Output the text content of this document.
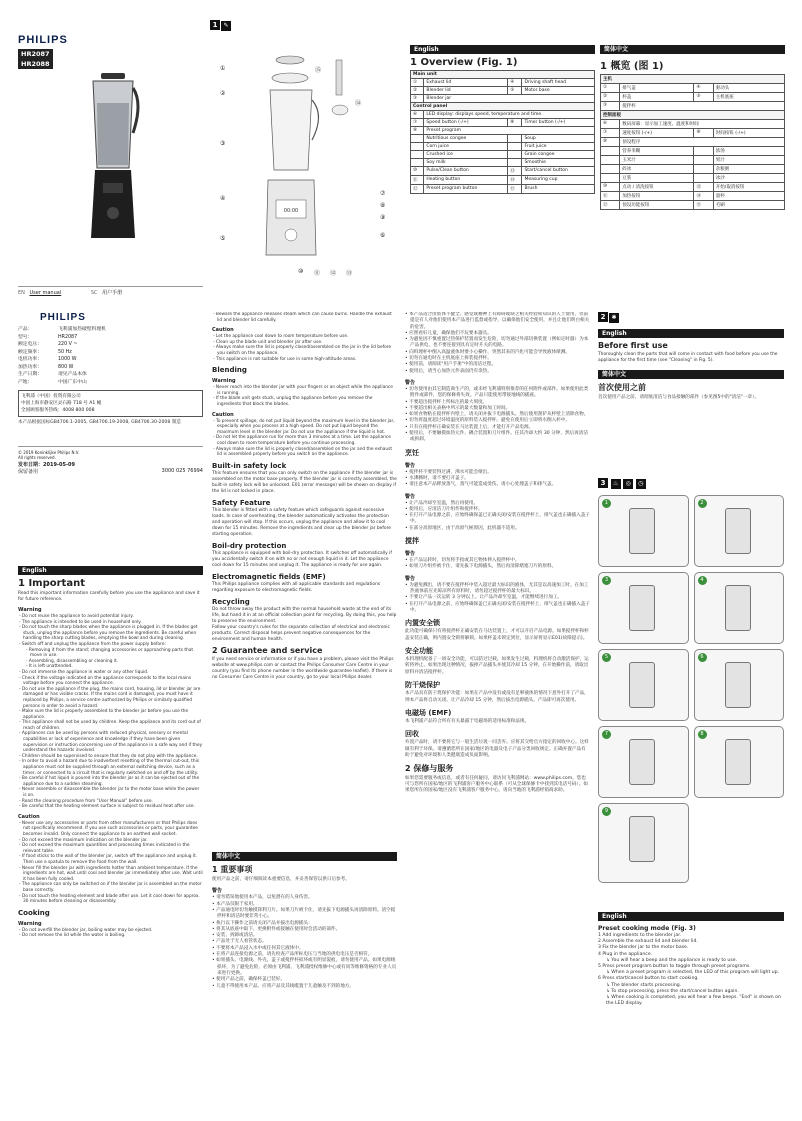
PHILIPS
HR2087
HR2088
EN User manual	SC 用户手册
1 ✎
00:00
①
②
③
④
⑤
⑦
⑧
⑨
⑥
⑩ ⑪ ⑫ ⑬
⑭
⑮
English
1 Overview (Fig. 1)
Main unit			
①	Exhaust lid	④	Driving shaft head
②	Blender lid	⑤	Motor base
③	Blender jar		
Control panel			
⑥	LED display: displays speed, temperature and time.		
⑦	Speed button (-/+)	⑧	Timer button (-/+)
⑨	Preset program		
	Nutritious congee		Soup
	Corn juice		Fruit juice
	Crushed ice		Grain congee
	Soy milk		Smoothie
⑩	Pulse/Clean button	⑬	Start/cancel button
⑪	Heating button	⑭	Measuring cup
⑫	Preset program button	⑮	Brush
简体中文
1 概览 (图 1)
主机			
①	排气盖	④	驱动头
②	杯盖	⑤	主机底座
③	搅拌杯		
控制面板			
⑥	数码屏幕：显示加工速度、温度和时间		
⑦	速度按钮 (-/+)	⑧	时间按钮 (-/+)
⑨	预设程序		
	营养米糊		浓汤
	玉米汁		果汁
	碎冰		杂粮粥
	豆浆		冰沙
⑩	点动 / 清洗按钮	⑬	开始/取消按钮
⑪	加热按钮	⑭	量杯
⑫	预设功能按钮	⑮	毛刷
PHILIPS
产品：	飞利浦加热破壁料理机
型号：	HR2087
额定电压：	220 V ~
额定频率：	50 Hz
电机功率：	1000 W
加热功率：	800 W
生产日期：	请见产品本体
产地：	中国广东中山
飞利浦（中国）投资有限公司
中国上海市静安区灵石路 718 号 A1 幢
全国顾客服务热线：4008 800 008
本产品根据国标GB4706.1-2005, GB4706.19-2008, GB4706.30-2008 制造
© 2019 Koninklijke Philips N.V.
All rights reserved.
发布日期：2019-05-09
保留备用	3000 025 76994
English
1 Important
Read this important information carefully before you use the appliance and save it for future reference.
Warning
- Do not reuse the appliance to avoid potential injury.
- The appliance is intended to be used in household only.
- Do not touch the sharp blades when the appliance is plugged in. If the blades get stuck, unplug the appliance before you remove the ingredients. Be careful when handling the sharp cutting blades, emptying the bowl and during cleaning.
- Switch off and unplug the appliance from the power supply before:
- Removing it from the stand; changing accessories or approaching parts that move in use.
- Assembling, disassembling or cleaning it.
- It is left unattended.
- Do not immerse the appliance in water or any other liquid.
- Check if the voltage indicated on the appliance corresponds to the local mains voltage before you connect the appliance.
- Do not use the appliance if the plug, the mains cord, housing, lid or blender jar are damaged or has visible cracks. If the mains cord is damaged, you must have it replaced by Philips, a service centre authorized by Philips or similarly qualified persons in order to avoid a hazard.
- Make sure the lid is properly assembled to the blender jar before you use the appliance.
- This appliance shall not be used by children. Keep the appliance and its cord out of reach of children.
- Appliances can be used by persons with reduced physical, sensory or mental capabilities or lack of experience and knowledge if they have been given supervision or instruction concerning use of the appliance in a safe way and if they understand the hazards involved.
- Children should be supervised to ensure that they do not play with the appliance.
- In order to avoid a hazard due to inadvertent resetting of the thermal cut-out, this appliance must not be supplied through an external switching device, such as a timer, or connected to a circuit that is regularly switched on and off by the utility.
- Be careful if hot liquid is poured into the blender jar as it can be ejected out of the appliance due to a sudden steaming.
- Never assemble or disassemble the blender jar to the motor base while the power is on.
- Read the cleaning procedure from "User Manual" before use.
- Be careful that the heating element surface is subject to residual heat after use.
Caution
- Never use any accessories or parts from other manufacturers or that Philips does not specifically recommend. If you use such accessories or parts, your guarantee becomes invalid. Only connect the appliance to an earthed wall socket.
- Do not exceed the maximum indication on the blender jar.
- Do not exceed the maximum quantities and processing times indicated in the relevant table.
- If food sticks to the wall of the blender jar, switch off the appliance and unplug it. Then use a spatula to remove the food from the wall.
- Never fill the blender jar with ingredients hotter than ambient temperature. If the ingredients are hot, wait until cool and blender jar immediately after use. Wait until it has been fully cooled.
- The appliance can only be switched on if the blender jar is assembled on the motor base correctly.
- Do not touch the heating element and blade after use. Let it cool down for approx. 30 minutes before cleaning or disassembly.
Cooking
Warning
- Do not overfill the blender jar, boiling water may be ejected.
- Do not remove the lid while the water is boiling.
- Beware the appliance releases steam which can cause burns. Handle the exhaust lid and blender lid carefully.
Caution
- Let the appliance cool down to room temperature before use.
- Clean up the blade unit and blender jar after use.
- Always make sure the lid is properly closed/assembled on the jar in the lid before you switch on the appliance.
- This appliance is not suitable for use in some high-altitude areas.
Blending
Warning
- Never reach into the blender jar with your fingers or an object while the appliance is running.
- If the blade unit gets stuck, unplug the appliance before you remove the ingredients that block the blades.
Caution
- To prevent spillage, do not put liquid beyond the maximum level in the blender jar, especially when you process at a high speed. Do not put liquid beyond the maximum level in the blender jar. Do not use the appliance if the liquid is hot.
- Do not let the appliance run for more than 3 minutes at a time. Let the appliance cool down to room temperature before you continue processing.
- Always make sure the lid is properly closed/assembled on the jar and the exhaust lid is assembled properly before you switch on the appliance.
Built-in safety lock
This feature ensures that you can only switch on the appliance if the blender jar is assembled on the motor base properly. If the blender jar is correctly assembled, the built-in safety lock will be unlocked. E01 (error message) will be shown on display if the lid is not locked in place.
Safety Feature
This blender is fitted with a safety feature which safeguards against excessive loads. In case of overheating, the blender automatically activates the protection and operation will stop. If this occurs, unplug the appliance and allow it to cool down for 15 minutes. Remove the ingredients and clear up the blender jar before starting operation.
Boil-dry protection
This appliance is equipped with boil-dry protection. It switches off automatically if you accidentally switch it on with no or not enough liquid in it. Let the appliance cool down for 15 minutes and unplug it. The appliance is ready for use again.
Electromagnetic fields (EMF)
This Philips appliance complies with all applicable standards and regulations regarding exposure to electromagnetic fields.
Recycling
Do not throw away the product with the normal household waste at the end of its life, but hand it in at an official collection point for recycling. By doing this, you help to preserve the environment.
Follow your country's rules for the separate collection of electrical and electronic products. Correct disposal helps prevent negative consequences for the environment and human health.
2 Guarantee and service
If you need service or information or if you have a problem, please visit the Philips website at www.philips.com or contact the Philips Consumer Care Centre in your country (you find its phone number in the worldwide guarantee leaflet). If there is no Consumer Care Centre in your country, go to your local Philips dealer.
简体中文
1 重要事项
使用产品之前，请仔细阅读本重要信息，并妥善保管以供日后参考。
警告
• 请勿错误地使用本产品，以免潜在的人身伤害。
• 本产品仅限于家用。
• 产品通电时切勿触摸锋利刀片。如果刀片被卡住，请先拔下电源插头再清除原料。清空搅拌杯和清洁时要非常小心。
• 执行以下操作之前请关闭产品并拔出电源插头：
• 将其从底座中取下、更换附件或接触在使用时会活动的部件。
• 安装、拆卸或清洁。
• 产品处于无人看管状态。
• 不要将本产品浸入水中或任何其它液体中。
• 在将产品连接电源之前，请先检查产品所标电压与当地的供电电压是否相符。
• 如果插头、电源线、外壳、盖子或搅拌杯损坏或有明显裂痕，请勿使用产品。如果电源线损坏，为了避免危险，必须由飞利浦、飞利浦授权维修中心或有同等维修资格的专业人员来进行更换。
• 使用产品之前，确保杯盖已装好。
• 儿童不得使用本产品。应将产品及其线缆置于儿童触及不到的地方。
• 本产品适合由肢体不健全、感觉或精神上有障碍或缺乏相关经验和知识的人士使用，但前提是有人对他们使用本产品进行监督或指导，以确保他们安全使用，并且让他们明白相关的危害。
• 应照看好儿童，确保他们不玩要本器具。
• 为避免因不慎重置过热保护装置而发生危险，切勿通过外部切换装置（例如定时器）为本产品供电，也不要连接到具有定时开关的电路。
• 向料理杯中倒入高温液体时要小心操作，突然其来的汽化可能会导致液体喷溅。
• 切勿在通电时在主机底座上拆装搅拌杯。
• 使用前，请阅读"用户手册"中的清洁过程。
• 使用后，请当心加热元件表面仍有余热。
警告
• 切勿使用由其它制造商生产的，或未经飞利浦特别推荐的任何附件或部件。如果使用此类附件或部件，您的保修将失效。产品只能使用带接地线的插座。
• 不要超出搅拌杯上所标注的最大刻度。
• 不要超出相关表格中所示的最大数量和加工时间。
• 如果食物粘在搅拌杯内壁上，请关闭并拔下电源插头。然后使用刮铲从杯壁上清除食物。
• 切勿将温度超过环境温度的原料装入搅拌杯。避免在使用后立即将水倒入杯中。
• 只有在搅拌杯正确安装在马达装置上后，才能打开产品电源。
• 使用后，不要触摸加热元件、耦合装置和刀片组件。任其冷却大约 30 分钟，然后再清洁或拆卸。
烹饪
警告
• 搅拌杯不要装得过满，沸水可能会喷出。
• 水沸腾时，请不要打开盖子。
• 请注意本产品释放蒸气，蒸气可能造成烫伤。请小心处理盖子和排气盖。
警告
• 让产品冷却至室温，然后再使用。
• 使用后，应清洁刀片组件和搅拌杯。
• 在打开产品电源之前，应始终确保盖已正确关闭/安装在搅拌杯上，排气盖也正确插入盖子中。
• 在部分高原地区，由于高原气候原因，此机器不适用。
搅拌
警告
• 在产品运转时，切勿将手指或其它物体伸入搅拌杯中。
• 如果刀片组件被卡住，请先拔下电源插头，然后再清除堵塞刀片的原料。
警告
• 为避免溅出，请不要在搅拌杯中装入超过最大标识的液体，尤其是以高速加工时。在加工热液体前应先晾凉所有原料时，请勿超过搅拌杯的最大标识。
• 不要让产品一次运转 3 分钟以上。让产品冷却至室温，才能继续进行加工。
• 在打开产品电源之前，应始终确保盖已正确关闭/安装在搅拌杯上，排气盖也正确插入盖子中。
内置安全锁
此功能可确保只有将搅拌杯正确安装在马达装置上，才可以开启产品电源。如果搅拌杯和杯盖安装正确，则内置安全锁将解锁。如果杯盖未锁定到位，显示屏将显示E01(故障提示)。
安全功能
本料理机配备了一项安全功能，可以防过过载。如果发生过载，料理机将自动激活保护，运转将停止。如果出现这种情况，拔掉产品插头并使其冷却 15 分钟。在开始操作前，请取出原料并清洁搅拌杯。
防干烧保护
本产品具有防干烧保护功能：如果在产品中没有或没有足够液体的情况下意外打开了产品，则本产品将自动关闭。让产品冷却 15 分钟，然后拔出电源插头。产品即可再次使用。
电磁场 (EMF)
本飞利浦产品符合所有有关暴露于电磁场的适用标准和法规。
回收
弃置产品时，请不要将它与一般生活垃圾一同丢弃。应将其交给官方指定的回收中心。这样做有利于环保。请遵循您所在国家/地区的电器及电子产品分类回收规定。正确弃置产品有助于避免对环境和人类健康造成负面影响。
2 保修与服务
如果您需要服务或信息，或者有任何疑问，请访问飞利浦网站：www.philips.com。您也可与您所在国家/地区的飞利浦客户服务中心联系（可从全球保修卡中找到其电话号码）。如果您所在的国家/地区没有飞利浦客户服务中心，请向当地的飞利浦经销商求助。
2 ✱
English
Before first use
Thoroughly clean the parts that will come in contact with food before you use the appliance for the first time (see "Cleaning" in Fig. 5).
简体中文
首次使用之前
首次使用产品之前，请彻底清洁与食品接触的部件（参见图5中的"清洁"一章）。
3 ♨ ◎ ◷
1	2
3	4
5	6
7	8
9
English
Preset cooking mode (Fig. 3)
1 Add ingredients to the blender jar.
2 Assemble the exhaust lid and blender lid.
3 Fix the blender jar to the motor base.
4 Plug in the appliance.
↳ You will hear a beep and the appliance is ready to use.
5 Press preset program button to toggle through preset programs.
↳ When a preset program is selected, the LED of this program will light up.
6 Press start/cancel button to start cooking.
↳ The blender starts processing.
↳ To stop processing, press the start/cancel button again.
↳ When cooking is completed, you will hear a few beeps. "End" is shown on the LED display.
